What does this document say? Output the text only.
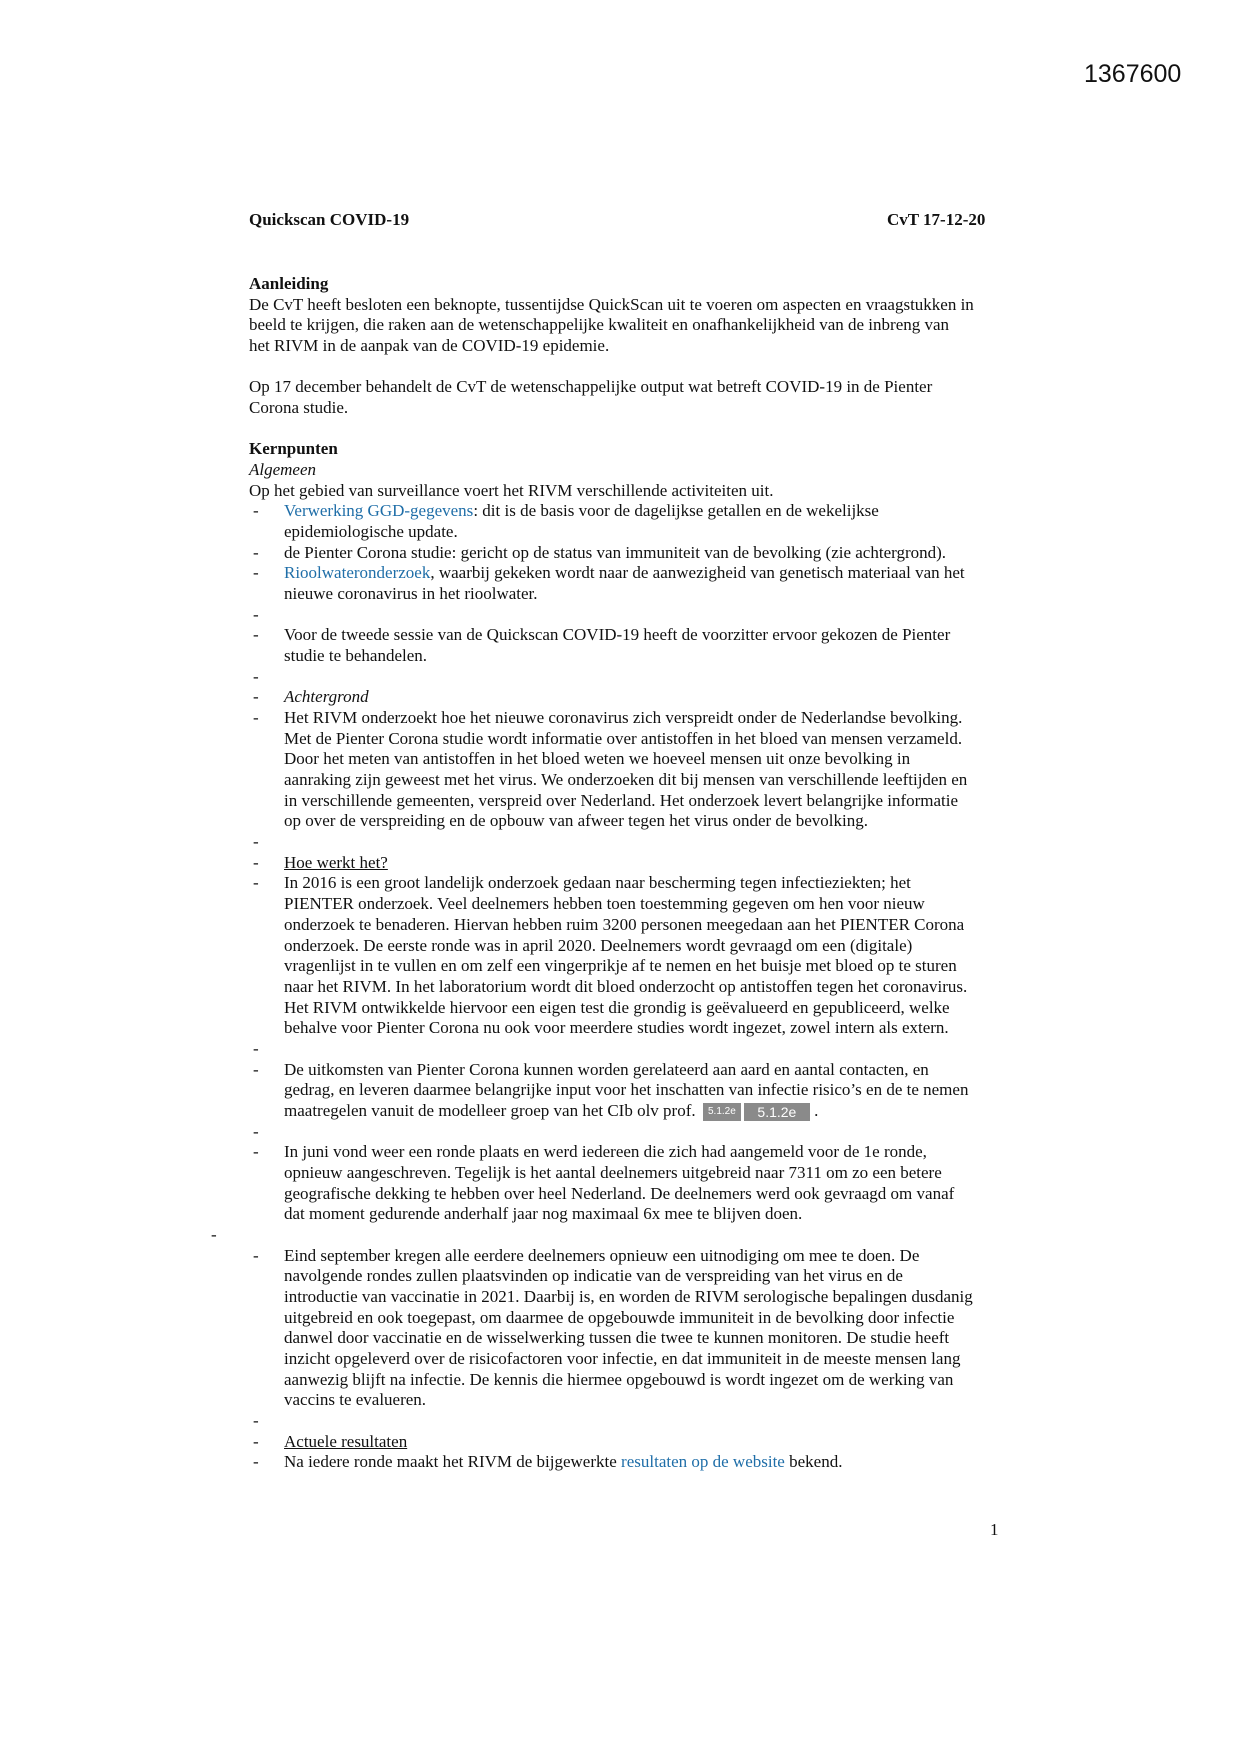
1367600
Quickscan COVID-19	CvT 17-12-20
Aanleiding
De CvT heeft besloten een beknopte, tussentijdse QuickScan uit te voeren om aspecten en vraagstukken in
beeld te krijgen, die raken aan de wetenschappelijke kwaliteit en onafhankelijkheid van de inbreng van
het RIVM in de aanpak van de COVID-19 epidemie.
Op 17 december behandelt de CvT de wetenschappelijke output wat betreft COVID-19 in de Pienter
Corona studie.
Kernpunten
Algemeen
Op het gebied van surveillance voert het RIVM verschillende activiteiten uit.
- Verwerking GGD-gegevens: dit is de basis voor de dagelijkse getallen en de wekelijkse
epidemiologische update.
- de Pienter Corona studie: gericht op de status van immuniteit van de bevolking (zie achtergrond).
- Rioolwateronderzoek, waarbij gekeken wordt naar de aanwezigheid van genetisch materiaal van het
nieuwe coronavirus in het rioolwater.
-
- Voor de tweede sessie van de Quickscan COVID-19 heeft de voorzitter ervoor gekozen de Pienter
studie te behandelen.
-
- Achtergrond
- Het RIVM onderzoekt hoe het nieuwe coronavirus zich verspreidt onder de Nederlandse bevolking.
Met de Pienter Corona studie wordt informatie over antistoffen in het bloed van mensen verzameld.
Door het meten van antistoffen in het bloed weten we hoeveel mensen uit onze bevolking in
aanraking zijn geweest met het virus. We onderzoeken dit bij mensen van verschillende leeftijden en
in verschillende gemeenten, verspreid over Nederland. Het onderzoek levert belangrijke informatie
op over de verspreiding en de opbouw van afweer tegen het virus onder de bevolking.
-
- Hoe werkt het?
- In 2016 is een groot landelijk onderzoek gedaan naar bescherming tegen infectieziekten; het
PIENTER onderzoek. Veel deelnemers hebben toen toestemming gegeven om hen voor nieuw
onderzoek te benaderen. Hiervan hebben ruim 3200 personen meegedaan aan het PIENTER Corona
onderzoek. De eerste ronde was in april 2020. Deelnemers wordt gevraagd om een (digitale)
vragenlijst in te vullen en om zelf een vingerprikje af te nemen en het buisje met bloed op te sturen
naar het RIVM. In het laboratorium wordt dit bloed onderzocht op antistoffen tegen het coronavirus.
Het RIVM ontwikkelde hiervoor een eigen test die grondig is geëvalueerd en gepubliceerd, welke
behalve voor Pienter Corona nu ook voor meerdere studies wordt ingezet, zowel intern als extern.
-
- De uitkomsten van Pienter Corona kunnen worden gerelateerd aan aard en aantal contacten, en
gedrag, en leveren daarmee belangrijke input voor het inschatten van infectie risico’s en de te nemen
maatregelen vanuit de modelleer groep van het CIb olv prof. 5.1.2e 5.1.2e .
-
- In juni vond weer een ronde plaats en werd iedereen die zich had aangemeld voor de 1e ronde,
opnieuw aangeschreven. Tegelijk is het aantal deelnemers uitgebreid naar 7311 om zo een betere
geografische dekking te hebben over heel Nederland. De deelnemers werd ook gevraagd om vanaf
dat moment gedurende anderhalf jaar nog maximaal 6x mee te blijven doen.
-
- Eind september kregen alle eerdere deelnemers opnieuw een uitnodiging om mee te doen. De
navolgende rondes zullen plaatsvinden op indicatie van de verspreiding van het virus en de
introductie van vaccinatie in 2021. Daarbij is, en worden de RIVM serologische bepalingen dusdanig
uitgebreid en ook toegepast, om daarmee de opgebouwde immuniteit in de bevolking door infectie
danwel door vaccinatie en de wisselwerking tussen die twee te kunnen monitoren. De studie heeft
inzicht opgeleverd over de risicofactoren voor infectie, en dat immuniteit in de meeste mensen lang
aanwezig blijft na infectie. De kennis die hiermee opgebouwd is wordt ingezet om de werking van
vaccins te evalueren.
-
- Actuele resultaten
- Na iedere ronde maakt het RIVM de bijgewerkte resultaten op de website bekend.
1
